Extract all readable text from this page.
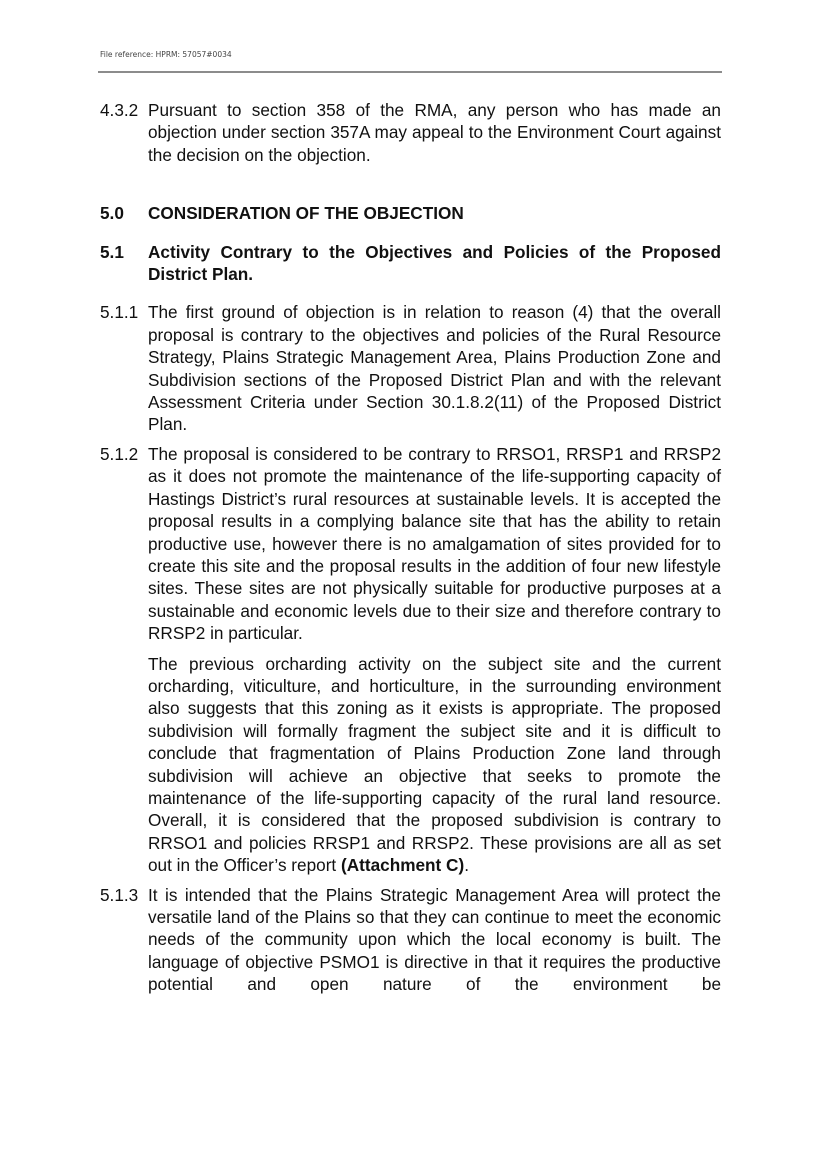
File reference: HPRM: 57057#0034
4.3.2 Pursuant to section 358 of the RMA, any person who has made an objection under section 357A may appeal to the Environment Court against the decision on the objection.

5.0	CONSIDERATION OF THE OBJECTION
5.1	Activity Contrary to the Objectives and Policies of the Proposed District Plan.

5.1.1 The first ground of objection is in relation to reason (4) that the overall proposal is contrary to the objectives and policies of the Rural Resource Strategy, Plains Strategic Management Area, Plains Production Zone and Subdivision sections of the Proposed District Plan and with the relevant Assessment Criteria under Section 30.1.8.2(11) of the Proposed District Plan.

5.1.2 The proposal is considered to be contrary to RRSO1, RRSP1 and RRSP2 as it does not promote the maintenance of the life-supporting capacity of Hastings District’s rural resources at sustainable levels. It is accepted the proposal results in a complying balance site that has the ability to retain productive use, however there is no amalgamation of sites provided for to create this site and the proposal results in the addition of four new lifestyle sites. These sites are not physically suitable for productive purposes at a sustainable and economic levels due to their size and therefore contrary to RRSP2 in particular.

The previous orcharding activity on the subject site and the current orcharding, viticulture, and horticulture, in the surrounding environment also suggests that this zoning as it exists is appropriate. The proposed subdivision will formally fragment the subject site and it is difficult to conclude that fragmentation of Plains Production Zone land through subdivision will achieve an objective that seeks to promote the maintenance of the life-supporting capacity of the rural land resource. Overall, it is considered that the proposed subdivision is contrary to RRSO1 and policies RRSP1 and RRSP2. These provisions are all as set out in the Officer’s report (Attachment C).

5.1.3 It is intended that the Plains Strategic Management Area will protect the versatile land of the Plains so that they can continue to meet the economic needs of the community upon which the local economy is built. The language of objective PSMO1 is directive in that it requires the productive potential and open nature of the environment be
